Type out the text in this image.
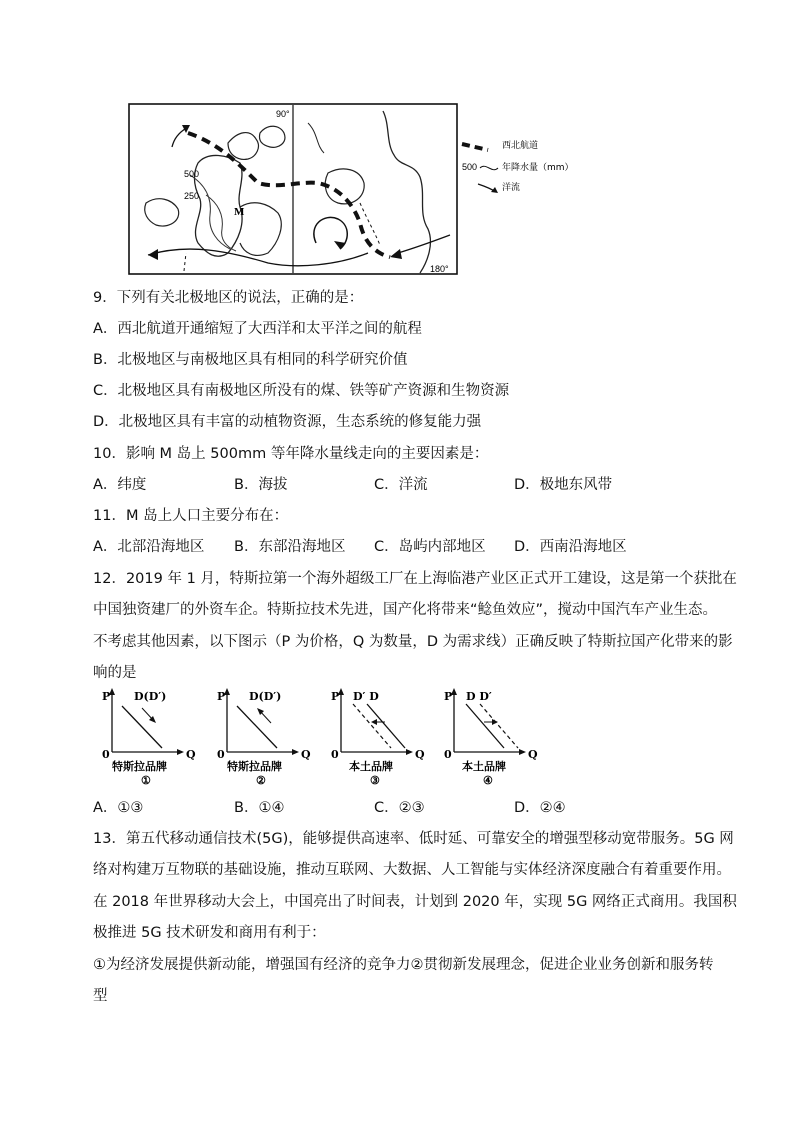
90°
180°
500
250
M
西北航道
500	年降水量（mm）
洋流
9．下列有关北极地区的说法，正确的是：
A．西北航道开通缩短了大西洋和太平洋之间的航程
B．北极地区与南极地区具有相同的科学研究价值
C．北极地区具有南极地区所没有的煤、铁等矿产资源和生物资源
D．北极地区具有丰富的动植物资源，生态系统的修复能力强
10．影响 M 岛上 500mm 等年降水量线走向的主要因素是：
A．纬度	B．海拔	C．洋流	D．极地东风带
11．M 岛上人口主要分布在：
A．北部沿海地区 B．东部沿海地区 C．岛屿内部地区 D．西南沿海地区
12．2019 年 1 月，特斯拉第一个海外超级工厂在上海临港产业区正式开工建设，这是第一个获批在
中国独资建厂的外资车企。特斯拉技术先进，国产化将带来“鲶鱼效应”，搅动中国汽车产业生态。
不考虑其他因素，以下图示（P 为价格，Q 为数量，D 为需求线）正确反映了特斯拉国产化带来的影
响的是
P
0	Q
D(D′)
特斯拉品牌
①
P
0	Q
D(D′)
特斯拉品牌
②
P
0	Q
D′ D
本土品牌
③
P
0	Q
D D′
本土品牌
④
A．①③	B．①④	C．②③	D．②④
13．第五代移动通信技术(5G)，能够提供高速率、低时延、可靠安全的增强型移动宽带服务。5G 网
络对构建万互物联的基础设施，推动互联网、大数据、人工智能与实体经济深度融合有着重要作用。
在 2018 年世界移动大会上，中国亮出了时间表，计划到 2020 年，实现 5G 网络正式商用。我国积
极推进 5G 技术研发和商用有利于：
①为经济发展提供新动能，增强国有经济的竞争力②贯彻新发展理念，促进企业业务创新和服务转
型
